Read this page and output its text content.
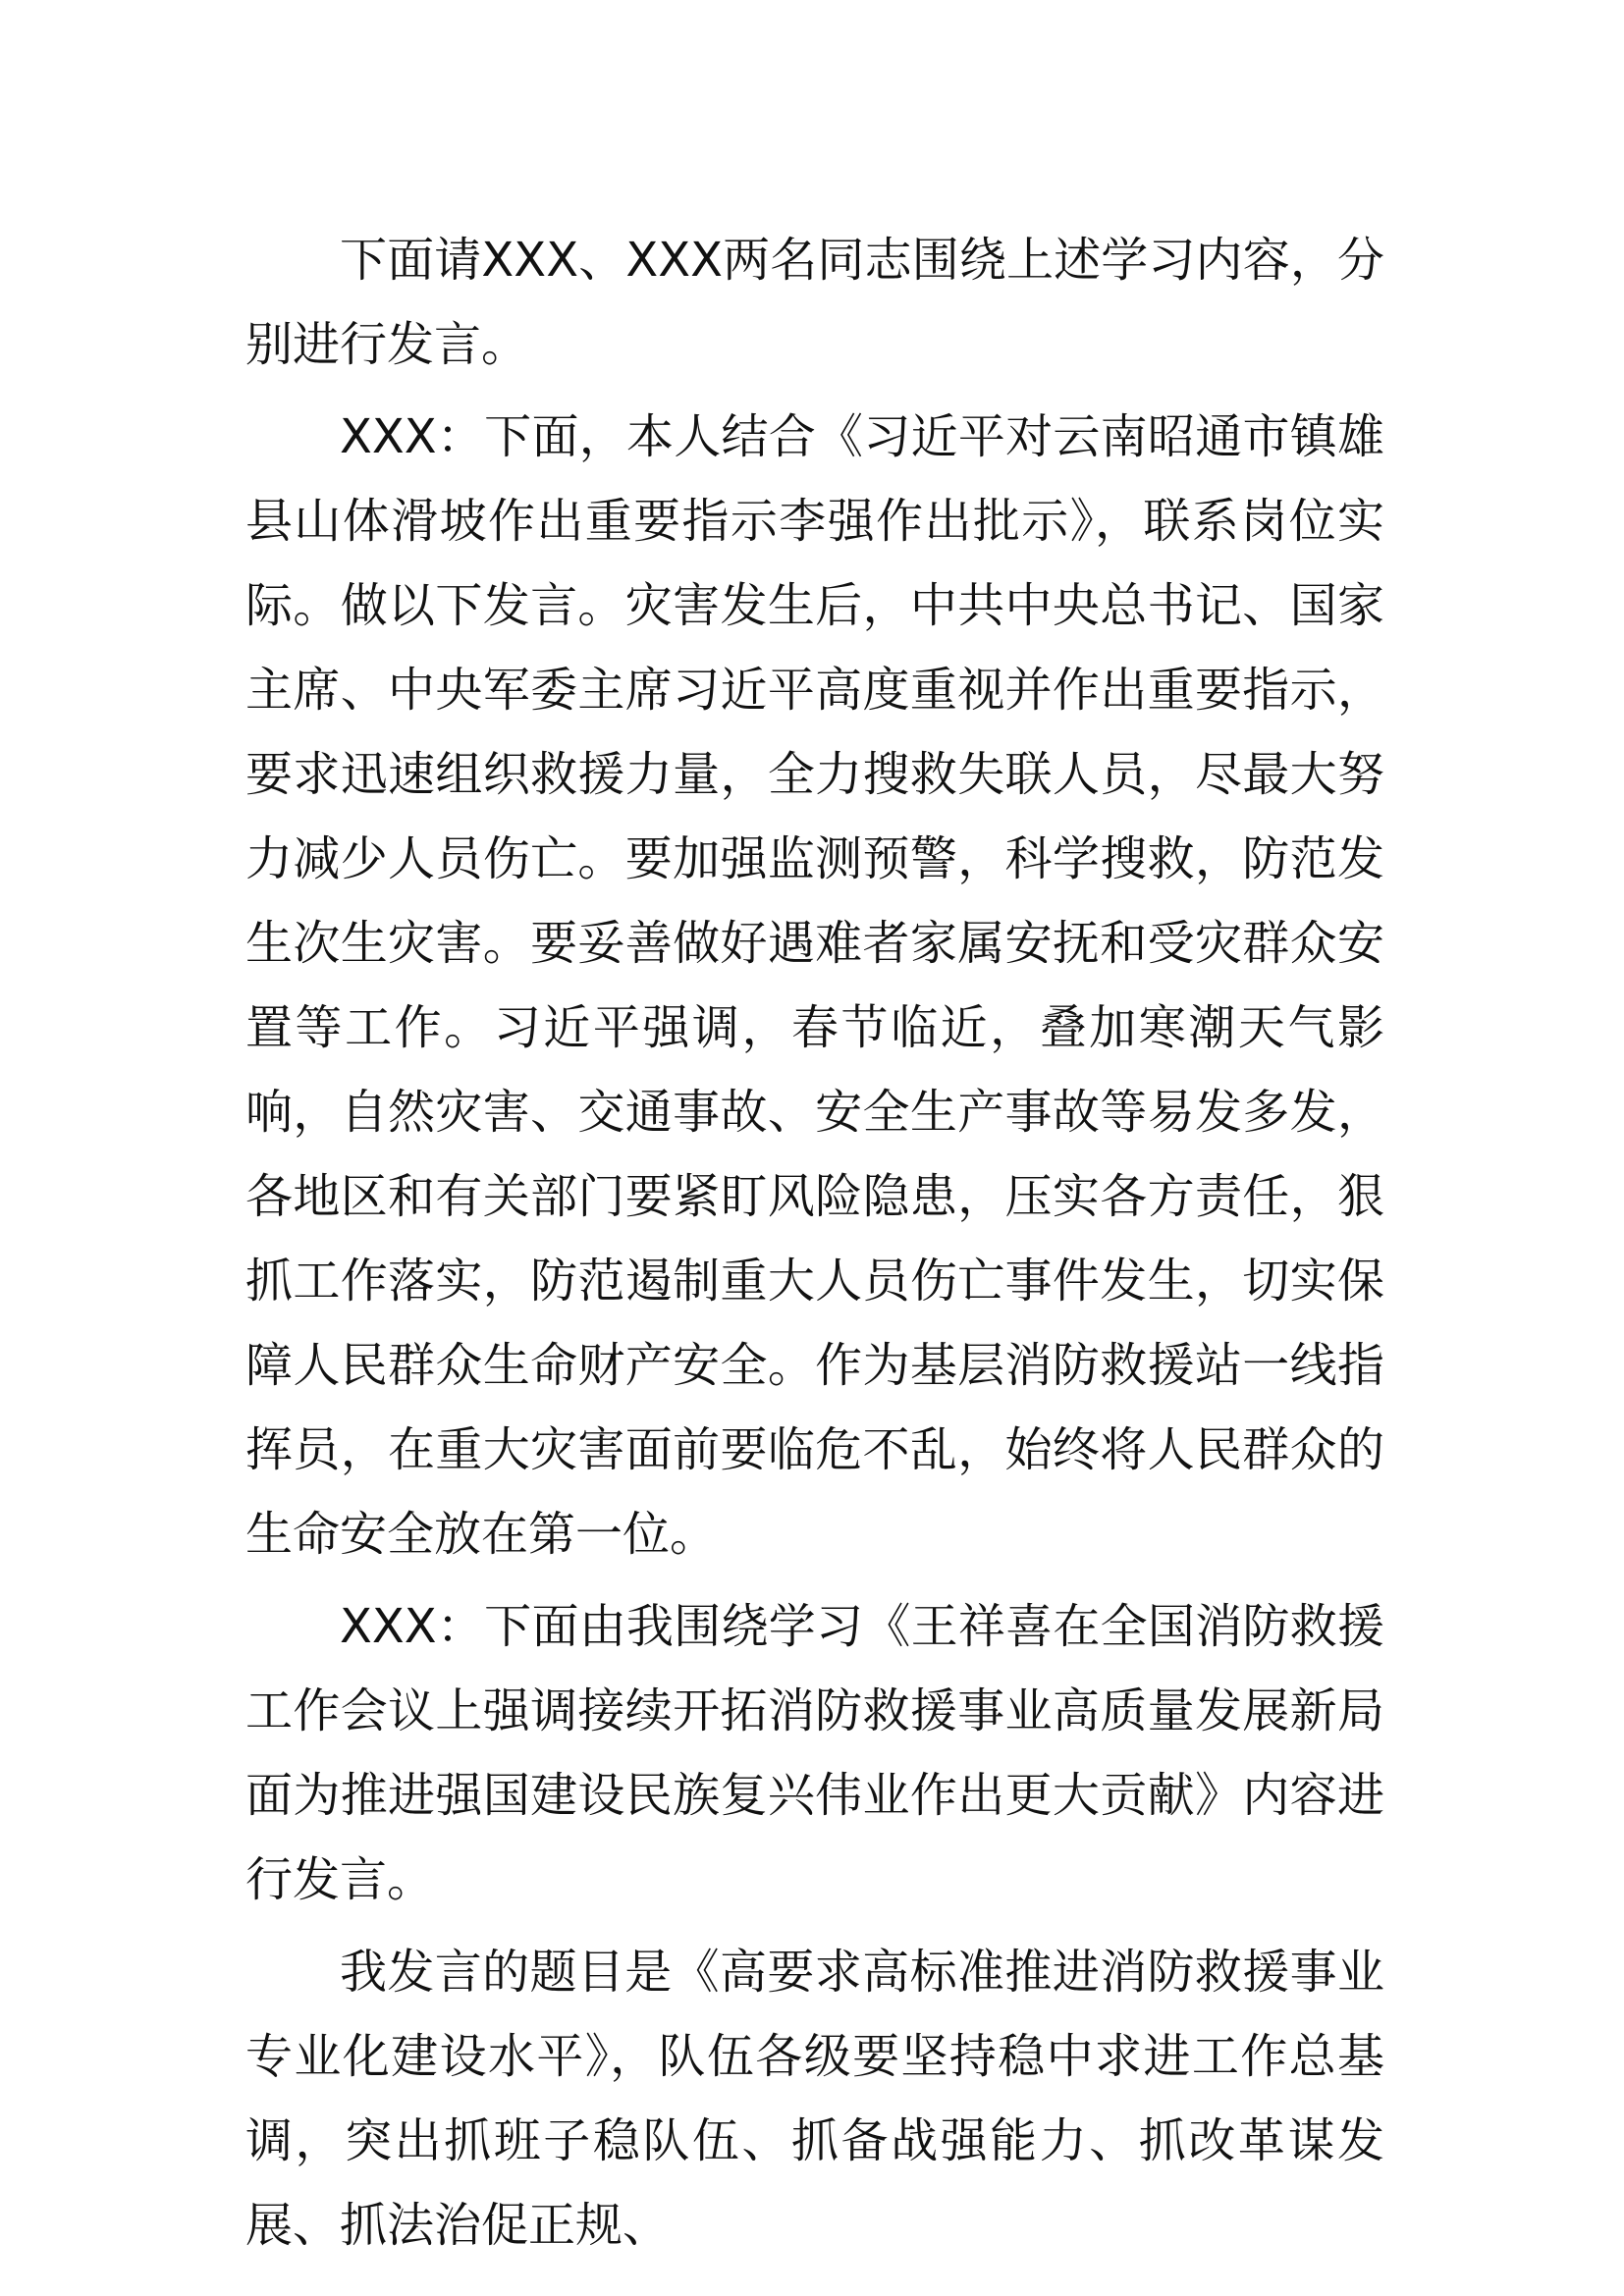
下面请XXX、XXX两名同志围绕上述学习内容，分别进行发言。

XXX：下面，本人结合《习近平对云南昭通市镇雄县山体滑坡作出重要指示李强作出批示》，联系岗位实际。做以下发言。灾害发生后，中共中央总书记、国家主席、中央军委主席习近平高度重视并作出重要指示，要求迅速组织救援力量，全力搜救失联人员，尽最大努力减少人员伤亡。要加强监测预警，科学搜救，防范发生次生灾害。要妥善做好遇难者家属安抚和受灾群众安置等工作。习近平强调，春节临近，叠加寒潮天气影响，自然灾害、交通事故、安全生产事故等易发多发，各地区和有关部门要紧盯风险隐患，压实各方责任，狠抓工作落实，防范遏制重大人员伤亡事件发生，切实保障人民群众生命财产安全。作为基层消防救援站一线指挥员，在重大灾害面前要临危不乱，始终将人民群众的生命安全放在第一位。

XXX：下面由我围绕学习《王祥喜在全国消防救援工作会议上强调接续开拓消防救援事业高质量发展新局面为推进强国建设民族复兴伟业作出更大贡献》内容进行发言。

我发言的题目是《高要求高标准推进消防救援事业专业化建设水平》，队伍各级要坚持稳中求进工作总基调，突出抓班子稳队伍、抓备战强能力、抓改革谋发展、抓法治促正规、
